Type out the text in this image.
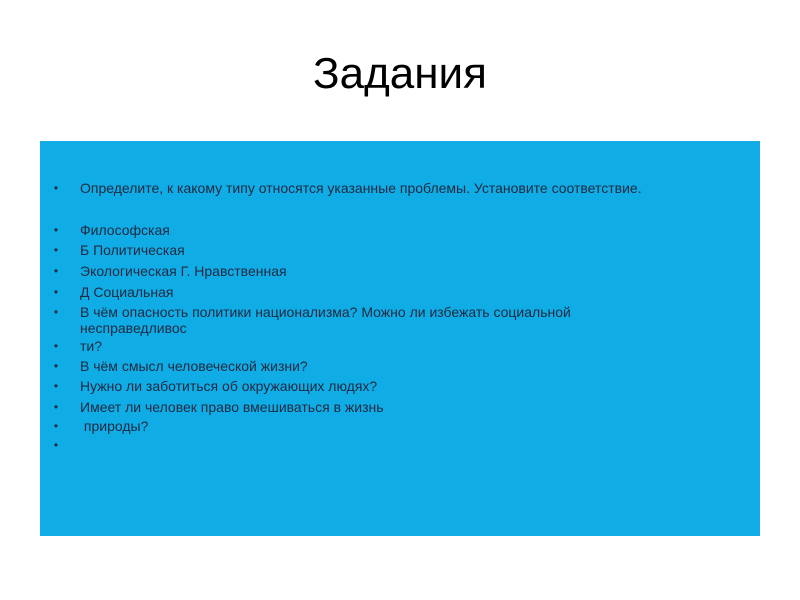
Задания
• Определите, к какому типу относятся указанные проблемы. Установите соответствие.
• Философская
• Б Политическая
• Экологическая Г. Нравственная
• Д Социальная
• В чём опасность политики национализма? Можно ли избежать социальной
несправедливос
• ти?
• В чём смысл человеческой жизни?
• Нужно ли заботиться об окружающих людях?
• Имеет ли человек право вмешиваться в жизнь
• природы?
•
